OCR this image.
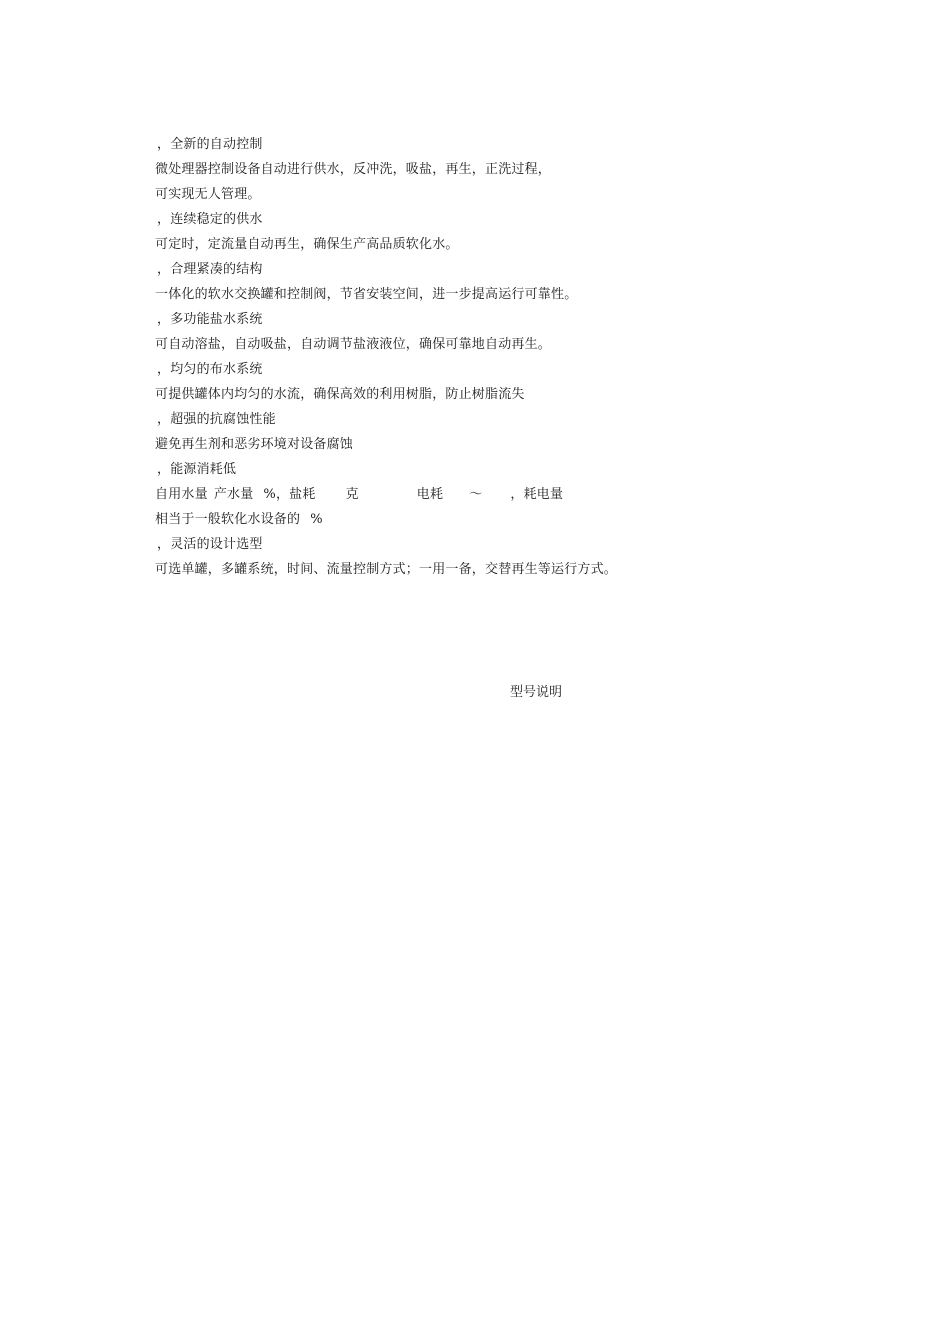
，全新的自动控制
微处理器控制设备自动进行供水，反冲洗，吸盐，再生，正洗过程，
可实现无人管理。
，连续稳定的供水
可定时，定流量自动再生，确保生产高品质软化水。
，合理紧凑的结构
一体化的软水交换罐和控制阀，节省安装空间，进一步提高运行可靠性。
，多功能盐水系统
可自动溶盐，自动吸盐，自动调节盐液液位，确保可靠地自动再生。
，均匀的布水系统
可提供罐体内均匀的水流，确保高效的利用树脂，防止树脂流失
，超强的抗腐蚀性能
避免再生剂和恶劣环境对设备腐蚀
，能源消耗低
自用水量 产水量 %，盐耗 克	电耗 ～ ，耗电量
相当于一般软化水设备的 %
，灵活的设计选型
可选单罐，多罐系统，时间、流量控制方式；一用一备，交替再生等运行方式。
型号说明
